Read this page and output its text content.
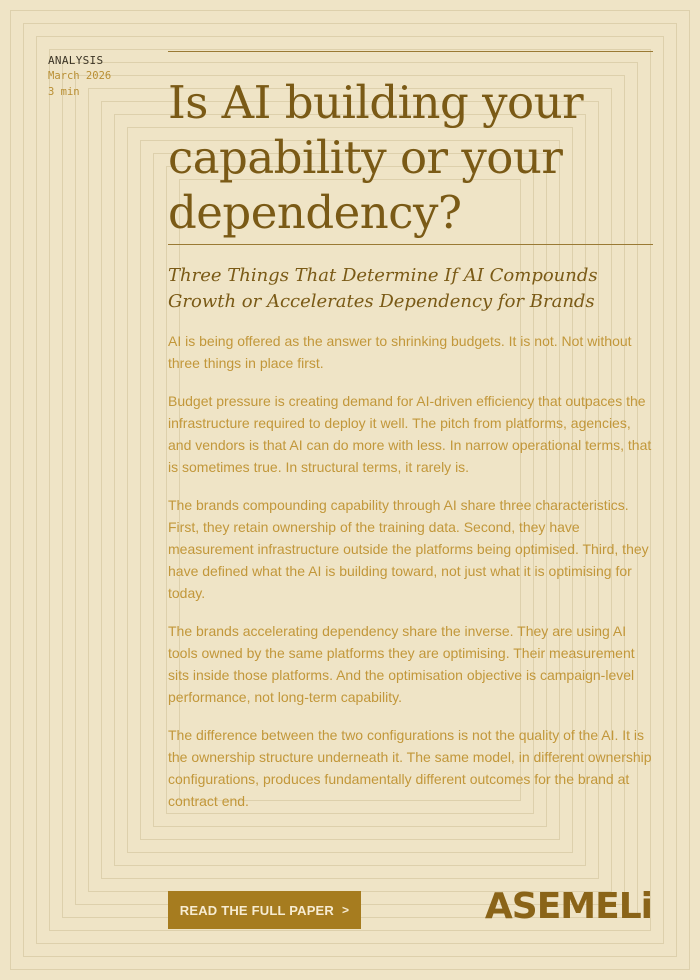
ANALYSIS
March 2026
3 min	Is AI building your capability or your dependency?
Three Things That Determine If AI Compounds Growth or Accelerates Dependency for Brands

AI is being offered as the answer to shrinking budgets. It is not. Not without three things in place first.

Budget pressure is creating demand for AI-driven efficiency that outpaces the infrastructure required to deploy it well. The pitch from platforms, agencies, and vendors is that AI can do more with less. In narrow operational terms, that is sometimes true. In structural terms, it rarely is.

The brands compounding capability through AI share three characteristics. First, they retain ownership of the training data. Second, they have measurement infrastructure outside the platforms being optimised. Third, they have defined what the AI is building toward, not just what it is optimising for today.

The brands accelerating dependency share the inverse. They are using AI tools owned by the same platforms they are optimising. Their measurement sits inside those platforms. And the optimisation objective is campaign-level performance, not long-term capability.

The difference between the two configurations is not the quality of the AI. It is the ownership structure underneath it. The same model, in different ownership configurations, produces fundamentally different outcomes for the brand at contract end.

READ THE FULL PAPER >	ASEMELi
